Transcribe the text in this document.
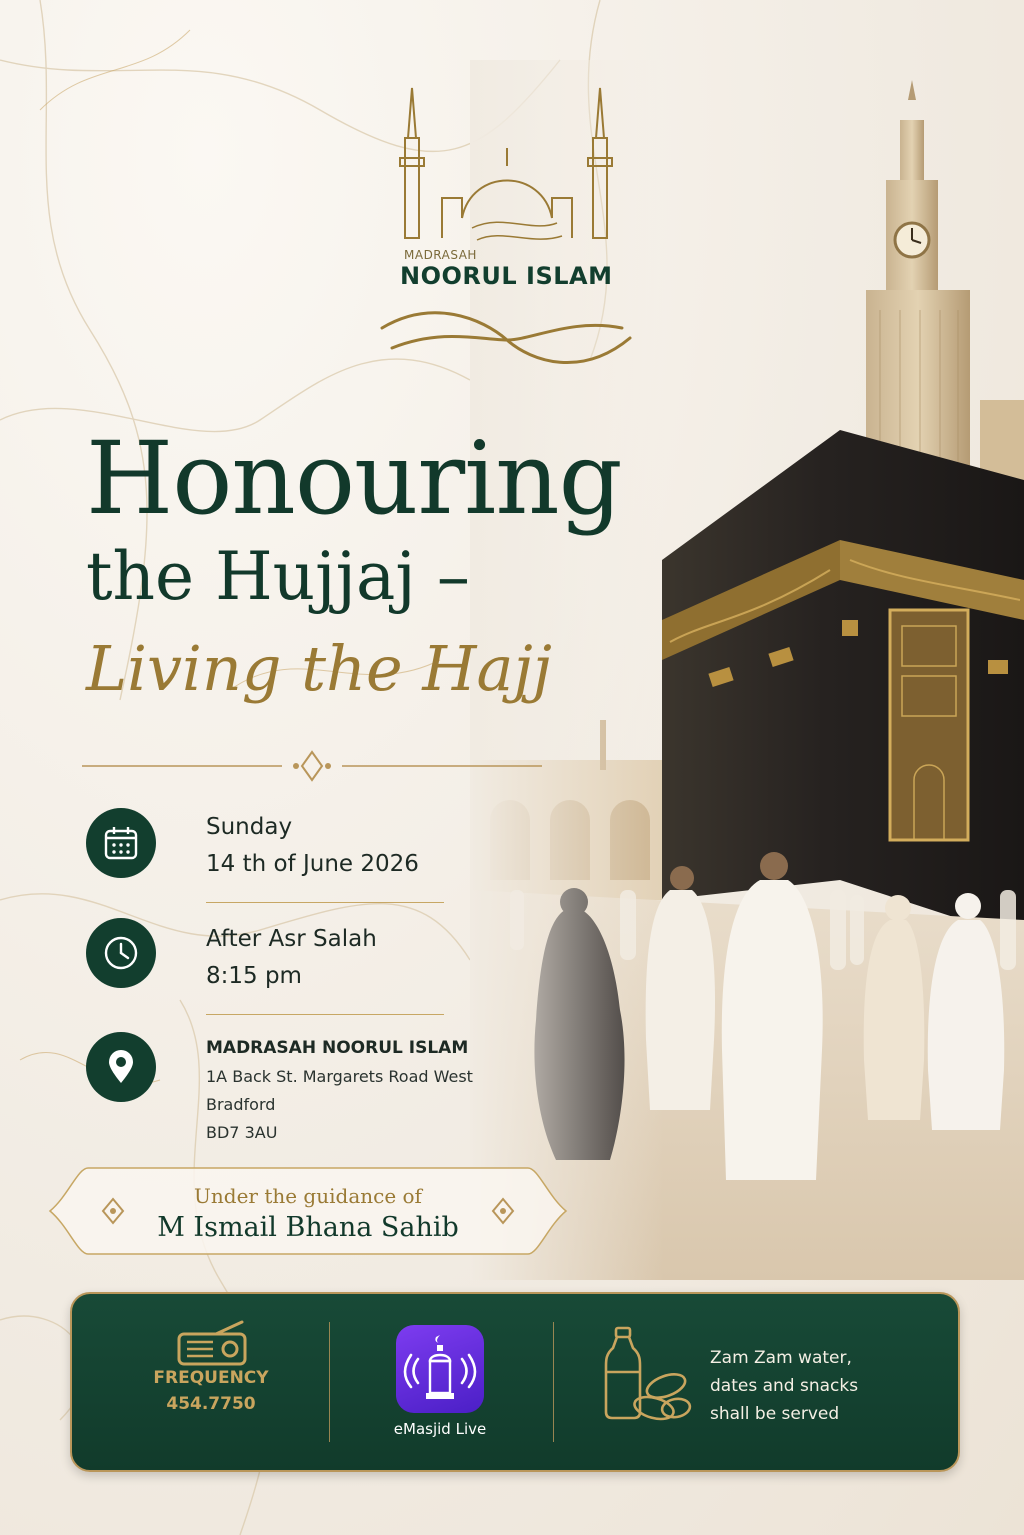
MADRASAH
NOORUL ISLAM
Honouring
the Hujjaj –
Living the Hajj
Sunday
14 th of June 2026
After Asr Salah
8:15 pm
MADRASAH NOORUL ISLAM
1A Back St. Margarets Road West
Bradford
BD7 3AU
Under the guidance of
M Ismail Bhana Sahib
FREQUENCY
454.7750
eMasjid Live
Zam Zam water,
dates and snacks
shall be served
